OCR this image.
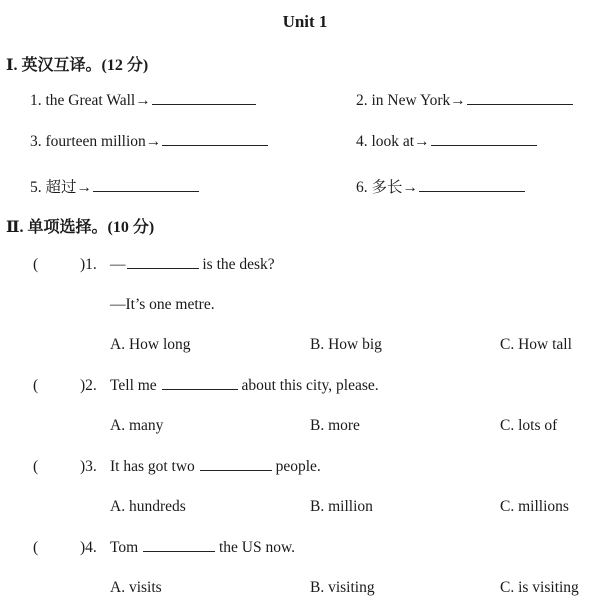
Unit 1
Ⅰ. 英汉互译。(12 分)
1. the Great Wall→	2. in New York→
3. fourteen million→	4. look at→
5. 超过→	6. 多长→
Ⅱ. 单项选择。(10 分)
(	)1. —	is the desk?
—It’s one metre.
A. How long	B. How big	C. How tall
(	)2. Tell me	about this city, please.
A. many	B. more	C. lots of
(	)3. It has got two	people.
A. hundreds	B. million	C. millions
(	)4. Tom	the US now.
A. visits	B. visiting	C. is visiting
